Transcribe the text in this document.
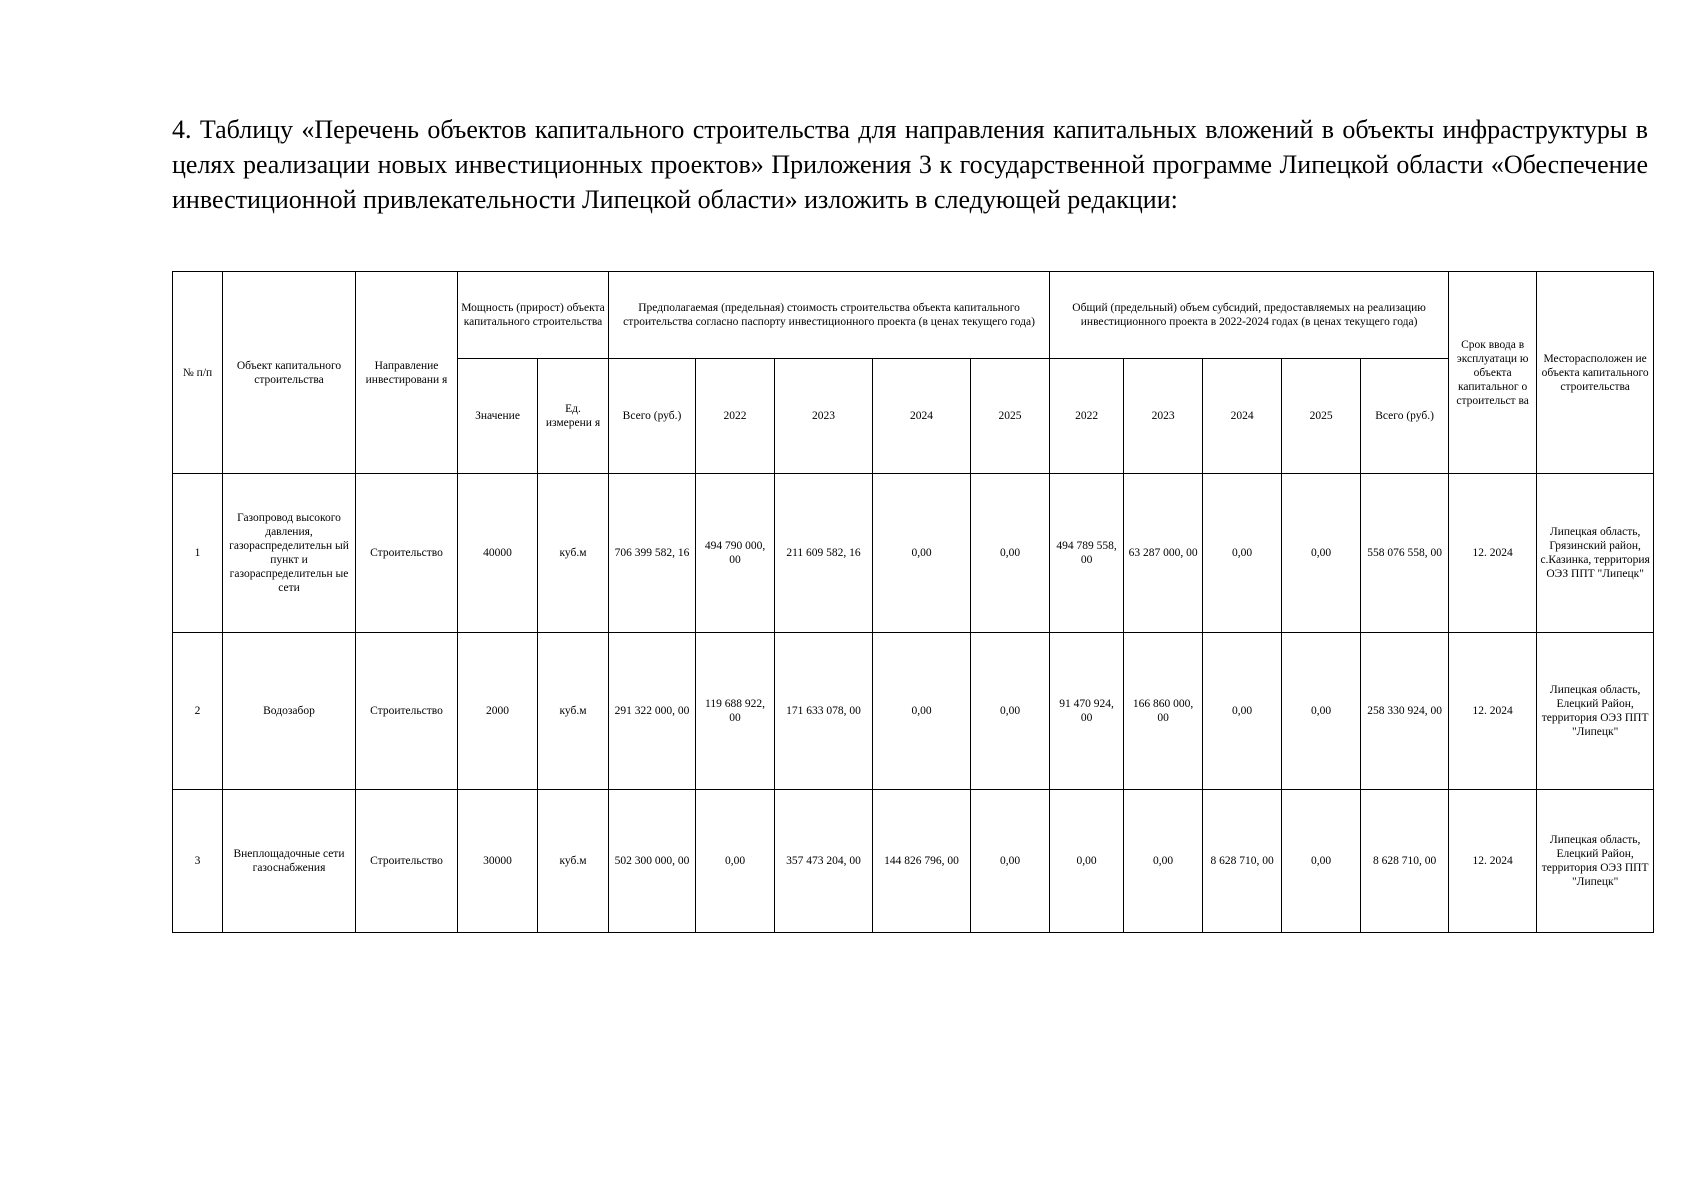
4. Таблицу «Перечень объектов капитального строительства для направления капитальных вложений в объекты инфраструктуры в целях реализации новых инвестиционных проектов» Приложения 3 к государственной программе Липецкой области «Обеспечение инвестиционной привлекательности Липецкой области» изложить в следующей редакции:

№ п/п	Объект капитального строительства	Направление инвестировани я	Мощность (прирост) объекта капитального строительства		Предполагаемая (предельная) стоимость строительства объекта капитального строительства согласно паспорту инвестиционного проекта (в ценах текущего года)					Общий (предельный) объем субсидий, предоставляемых на реализацию инвестиционного проекта в 2022-2024 годах (в ценах текущего года)					Срок ввода в эксплуатаци ю объекта капитальног о строительст ва	Месторасположен ие объекта капитального строительства
			Значение	Ед. измерени я	Всего (руб.)	2022	2023	2024	2025	2022	2023	2024	2025	Всего (руб.)		
1	Газопровод высокого давления, газораспределительн ый пункт и газораспределительн ые сети	Строительство	40000	куб.м	706 399 582, 16	494 790 000, 00	211 609 582, 16	0,00	0,00	494 789 558, 00	63 287 000, 00	0,00	0,00	558 076 558, 00	12. 2024	Липецкая область, Грязинский район, с.Казинка, территория ОЭЗ ППТ "Липецк"
2	Водозабор	Строительство	2000	куб.м	291 322 000, 00	119 688 922, 00	171 633 078, 00	0,00	0,00	91 470 924, 00	166 860 000, 00	0,00	0,00	258 330 924, 00	12. 2024	Липецкая область, Елецкий Район, территория ОЭЗ ППТ "Липецк"
3	Внеплощадочные сети газоснабжения	Строительство	30000	куб.м	502 300 000, 00	0,00	357 473 204, 00	144 826 796, 00	0,00	0,00	0,00	8 628 710, 00	0,00	8 628 710, 00	12. 2024	Липецкая область, Елецкий Район, территория ОЭЗ ППТ "Липецк"
